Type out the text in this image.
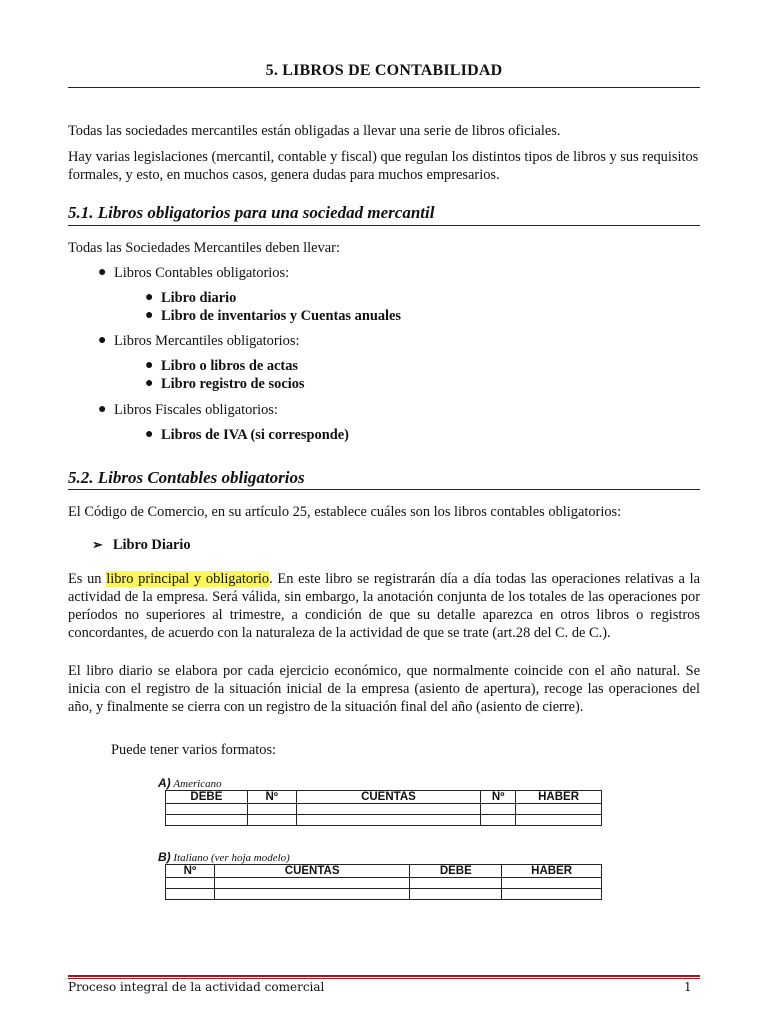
5. LIBROS DE CONTABILIDAD

Todas las sociedades mercantiles están obligadas a llevar una serie de libros oficiales.

Hay varias legislaciones (mercantil, contable y fiscal) que regulan los distintos tipos de libros y sus requisitos formales, y esto, en muchos casos, genera dudas para muchos empresarios.

5.1. Libros obligatorios para una sociedad mercantil

Todas las Sociedades Mercantiles deben llevar:

● Libros Contables obligatorios:
● Libro diario
● Libro de inventarios y Cuentas anuales
● Libros Mercantiles obligatorios:
● Libro o libros de actas
● Libro registro de socios
● Libros Fiscales obligatorios:
● Libros de IVA (si corresponde)
5.2. Libros Contables obligatorios

El Código de Comercio, en su artículo 25, establece cuáles son los libros contables obligatorios:

➢ Libro Diario

Es un libro principal y obligatorio. En este libro se registrarán día a día todas las operaciones relativas a la actividad de la empresa. Será válida, sin embargo, la anotación conjunta de los totales de las operaciones por períodos no superiores al trimestre, a condición de que su detalle aparezca en otros libros o registros concordantes, de acuerdo con la naturaleza de la actividad de que se trate (art.28 del C. de C.).

El libro diario se elabora por cada ejercicio económico, que normalmente coincide con el año natural. Se inicia con el registro de la situación inicial de la empresa (asiento de apertura), recoge las operaciones del año, y finalmente se cierra con un registro de la situación final del año (asiento de cierre).

Puede tener varios formatos:

A) Americano
DEBE	Nº	CUENTAS	Nº	HABER

B) Italiano (ver hoja modelo)
Nº	CUENTAS	DEBE	HABER

Proceso integral de la actividad comercial	1
